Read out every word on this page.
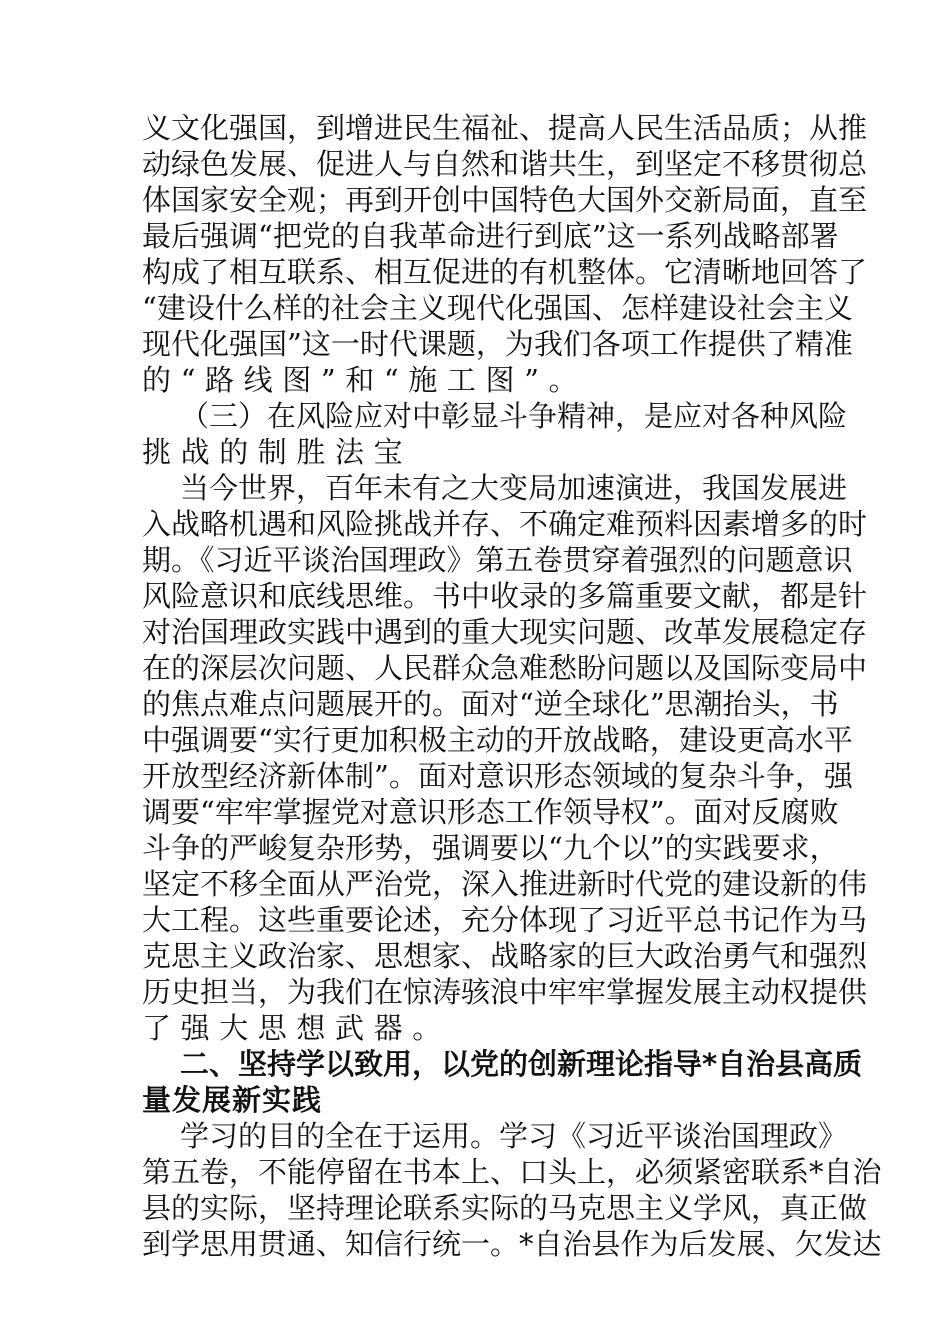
义文化强国，到增进民生福祉、提高人民生活品质；从推
动绿色发展、促进人与自然和谐共生，到坚定不移贯彻总
体国家安全观；再到开创中国特色大国外交新局面，直至
最后强调“把党的自我革命进行到底”这一系列战略部署
构成了相互联系、相互促进的有机整体。它清晰地回答了
“建设什么样的社会主义现代化强国、怎样建设社会主义
现代化强国”这一时代课题，为我们各项工作提供了精准
的“路线图”和“施工图”。
（三）在风险应对中彰显斗争精神，是应对各种风险
挑战的制胜法宝
当今世界，百年未有之大变局加速演进，我国发展进
入战略机遇和风险挑战并存、不确定难预料因素增多的时
期。《习近平谈治国理政》第五卷贯穿着强烈的问题意识
风险意识和底线思维。书中收录的多篇重要文献，都是针
对治国理政实践中遇到的重大现实问题、改革发展稳定存
在的深层次问题、人民群众急难愁盼问题以及国际变局中
的焦点难点问题展开的。面对“逆全球化”思潮抬头，书
中强调要“实行更加积极主动的开放战略，建设更高水平
开放型经济新体制”。面对意识形态领域的复杂斗争，强
调要“牢牢掌握党对意识形态工作领导权”。面对反腐败
斗争的严峻复杂形势，强调要以“九个以”的实践要求，
坚定不移全面从严治党，深入推进新时代党的建设新的伟
大工程。这些重要论述，充分体现了习近平总书记作为马
克思主义政治家、思想家、战略家的巨大政治勇气和强烈
历史担当，为我们在惊涛骇浪中牢牢掌握发展主动权提供
了强大思想武器。
二、坚持学以致用，以党的创新理论指导*自治县高质
量发展新实践
学习的目的全在于运用。学习《习近平谈治国理政》
第五卷，不能停留在书本上、口头上，必须紧密联系*自治
县的实际，坚持理论联系实际的马克思主义学风，真正做
到学思用贯通、知信行统一。*自治县作为后发展、欠发达
